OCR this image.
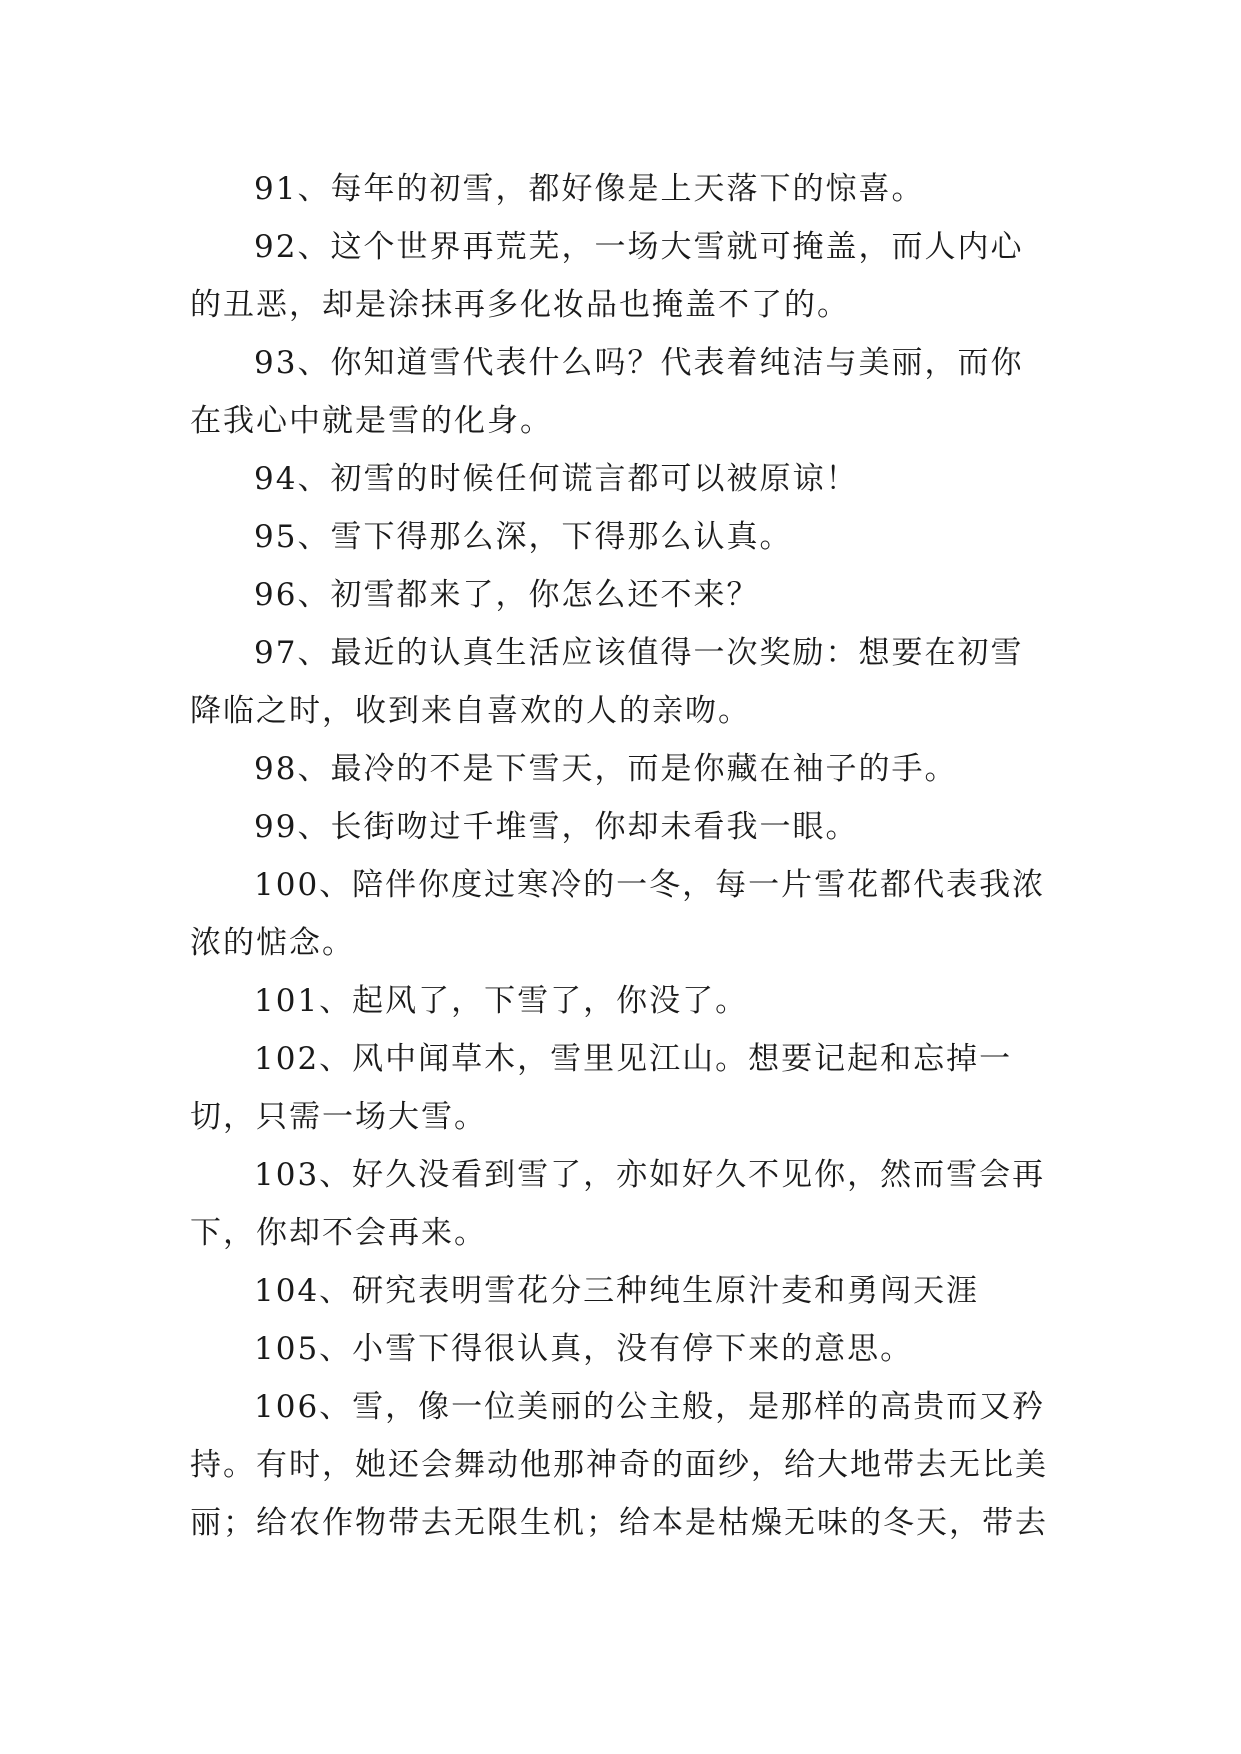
91、每年的初雪，都好像是上天落下的惊喜。

92、这个世界再荒芜，一场大雪就可掩盖，而人内心的丑恶，却是涂抹再多化妆品也掩盖不了的。

93、你知道雪代表什么吗？代表着纯洁与美丽，而你在我心中就是雪的化身。

94、初雪的时候任何谎言都可以被原谅！

95、雪下得那么深，下得那么认真。

96、初雪都来了，你怎么还不来？

97、最近的认真生活应该值得一次奖励：想要在初雪降临之时，收到来自喜欢的人的亲吻。

98、最冷的不是下雪天，而是你藏在袖子的手。

99、长街吻过千堆雪，你却未看我一眼。

100、陪伴你度过寒冷的一冬，每一片雪花都代表我浓浓的惦念。

101、起风了，下雪了，你没了。

102、风中闻草木，雪里见江山。想要记起和忘掉一切，只需一场大雪。

103、好久没看到雪了，亦如好久不见你，然而雪会再下，你却不会再来。

104、研究表明雪花分三种纯生原汁麦和勇闯天涯

105、小雪下得很认真，没有停下来的意思。

106、雪，像一位美丽的公主般，是那样的高贵而又矜持。有时，她还会舞动他那神奇的面纱，给大地带去无比美丽；给农作物带去无限生机；给本是枯燥无味的冬天，带去
